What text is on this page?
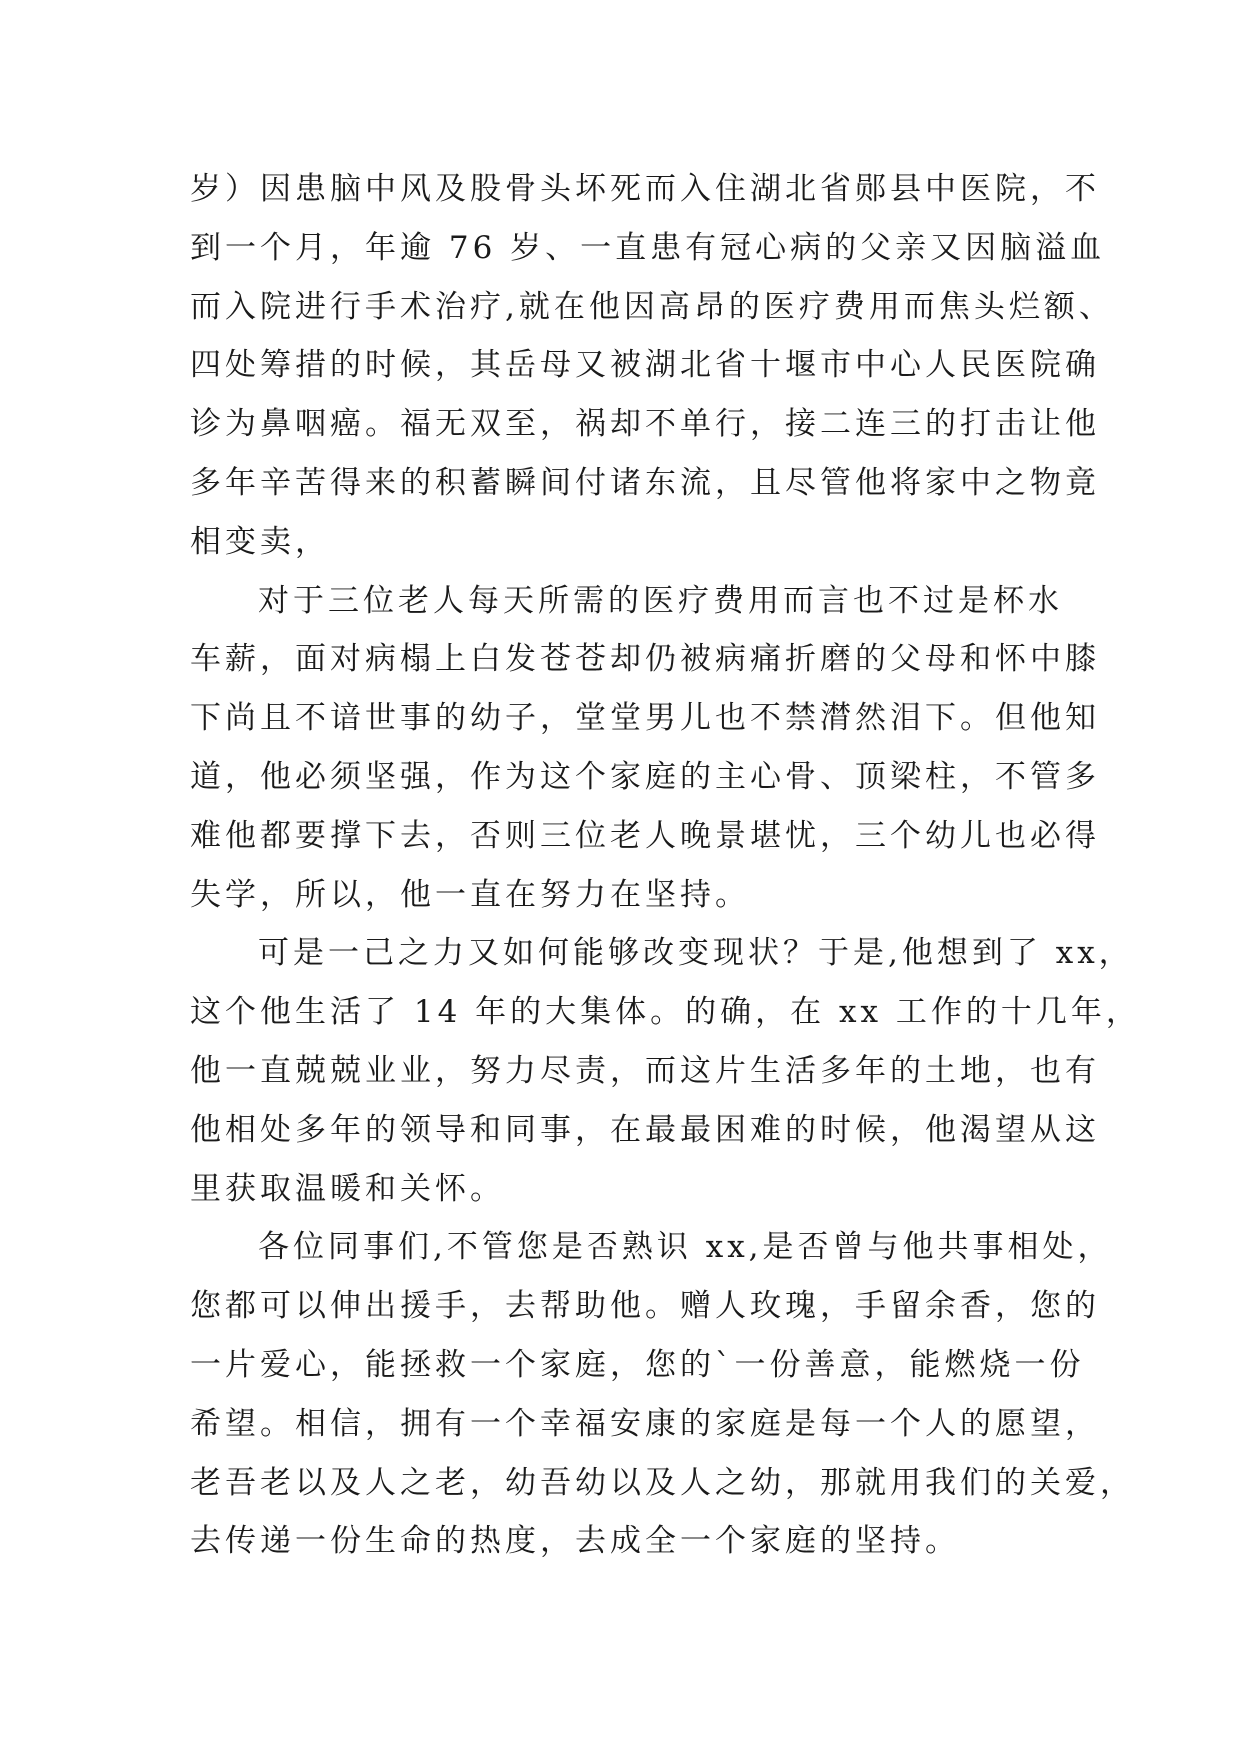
岁）因患脑中风及股骨头坏死而入住湖北省郧县中医院，不
到一个月，年逾 76 岁、一直患有冠心病的父亲又因脑溢血
而入院进行手术治疗,就在他因高昂的医疗费用而焦头烂额、
四处筹措的时候，其岳母又被湖北省十堰市中心人民医院确
诊为鼻咽癌。福无双至，祸却不单行，接二连三的打击让他
多年辛苦得来的积蓄瞬间付诸东流，且尽管他将家中之物竟
相变卖，
对于三位老人每天所需的医疗费用而言也不过是杯水
车薪，面对病榻上白发苍苍却仍被病痛折磨的父母和怀中膝
下尚且不谙世事的幼子，堂堂男儿也不禁潸然泪下。但他知
道，他必须坚强，作为这个家庭的主心骨、顶梁柱，不管多
难他都要撑下去，否则三位老人晚景堪忧，三个幼儿也必得
失学，所以，他一直在努力在坚持。
可是一己之力又如何能够改变现状？于是,他想到了 xx，
这个他生活了 14 年的大集体。的确，在 xx 工作的十几年，
他一直兢兢业业，努力尽责，而这片生活多年的土地，也有
他相处多年的领导和同事，在最最困难的时候，他渴望从这
里获取温暖和关怀。
各位同事们,不管您是否熟识 xx,是否曾与他共事相处，
您都可以伸出援手，去帮助他。赠人玫瑰，手留余香，您的
一片爱心，能拯救一个家庭，您的`一份善意，能燃烧一份
希望。相信，拥有一个幸福安康的家庭是每一个人的愿望，
老吾老以及人之老，幼吾幼以及人之幼，那就用我们的关爱，
去传递一份生命的热度，去成全一个家庭的坚持。
